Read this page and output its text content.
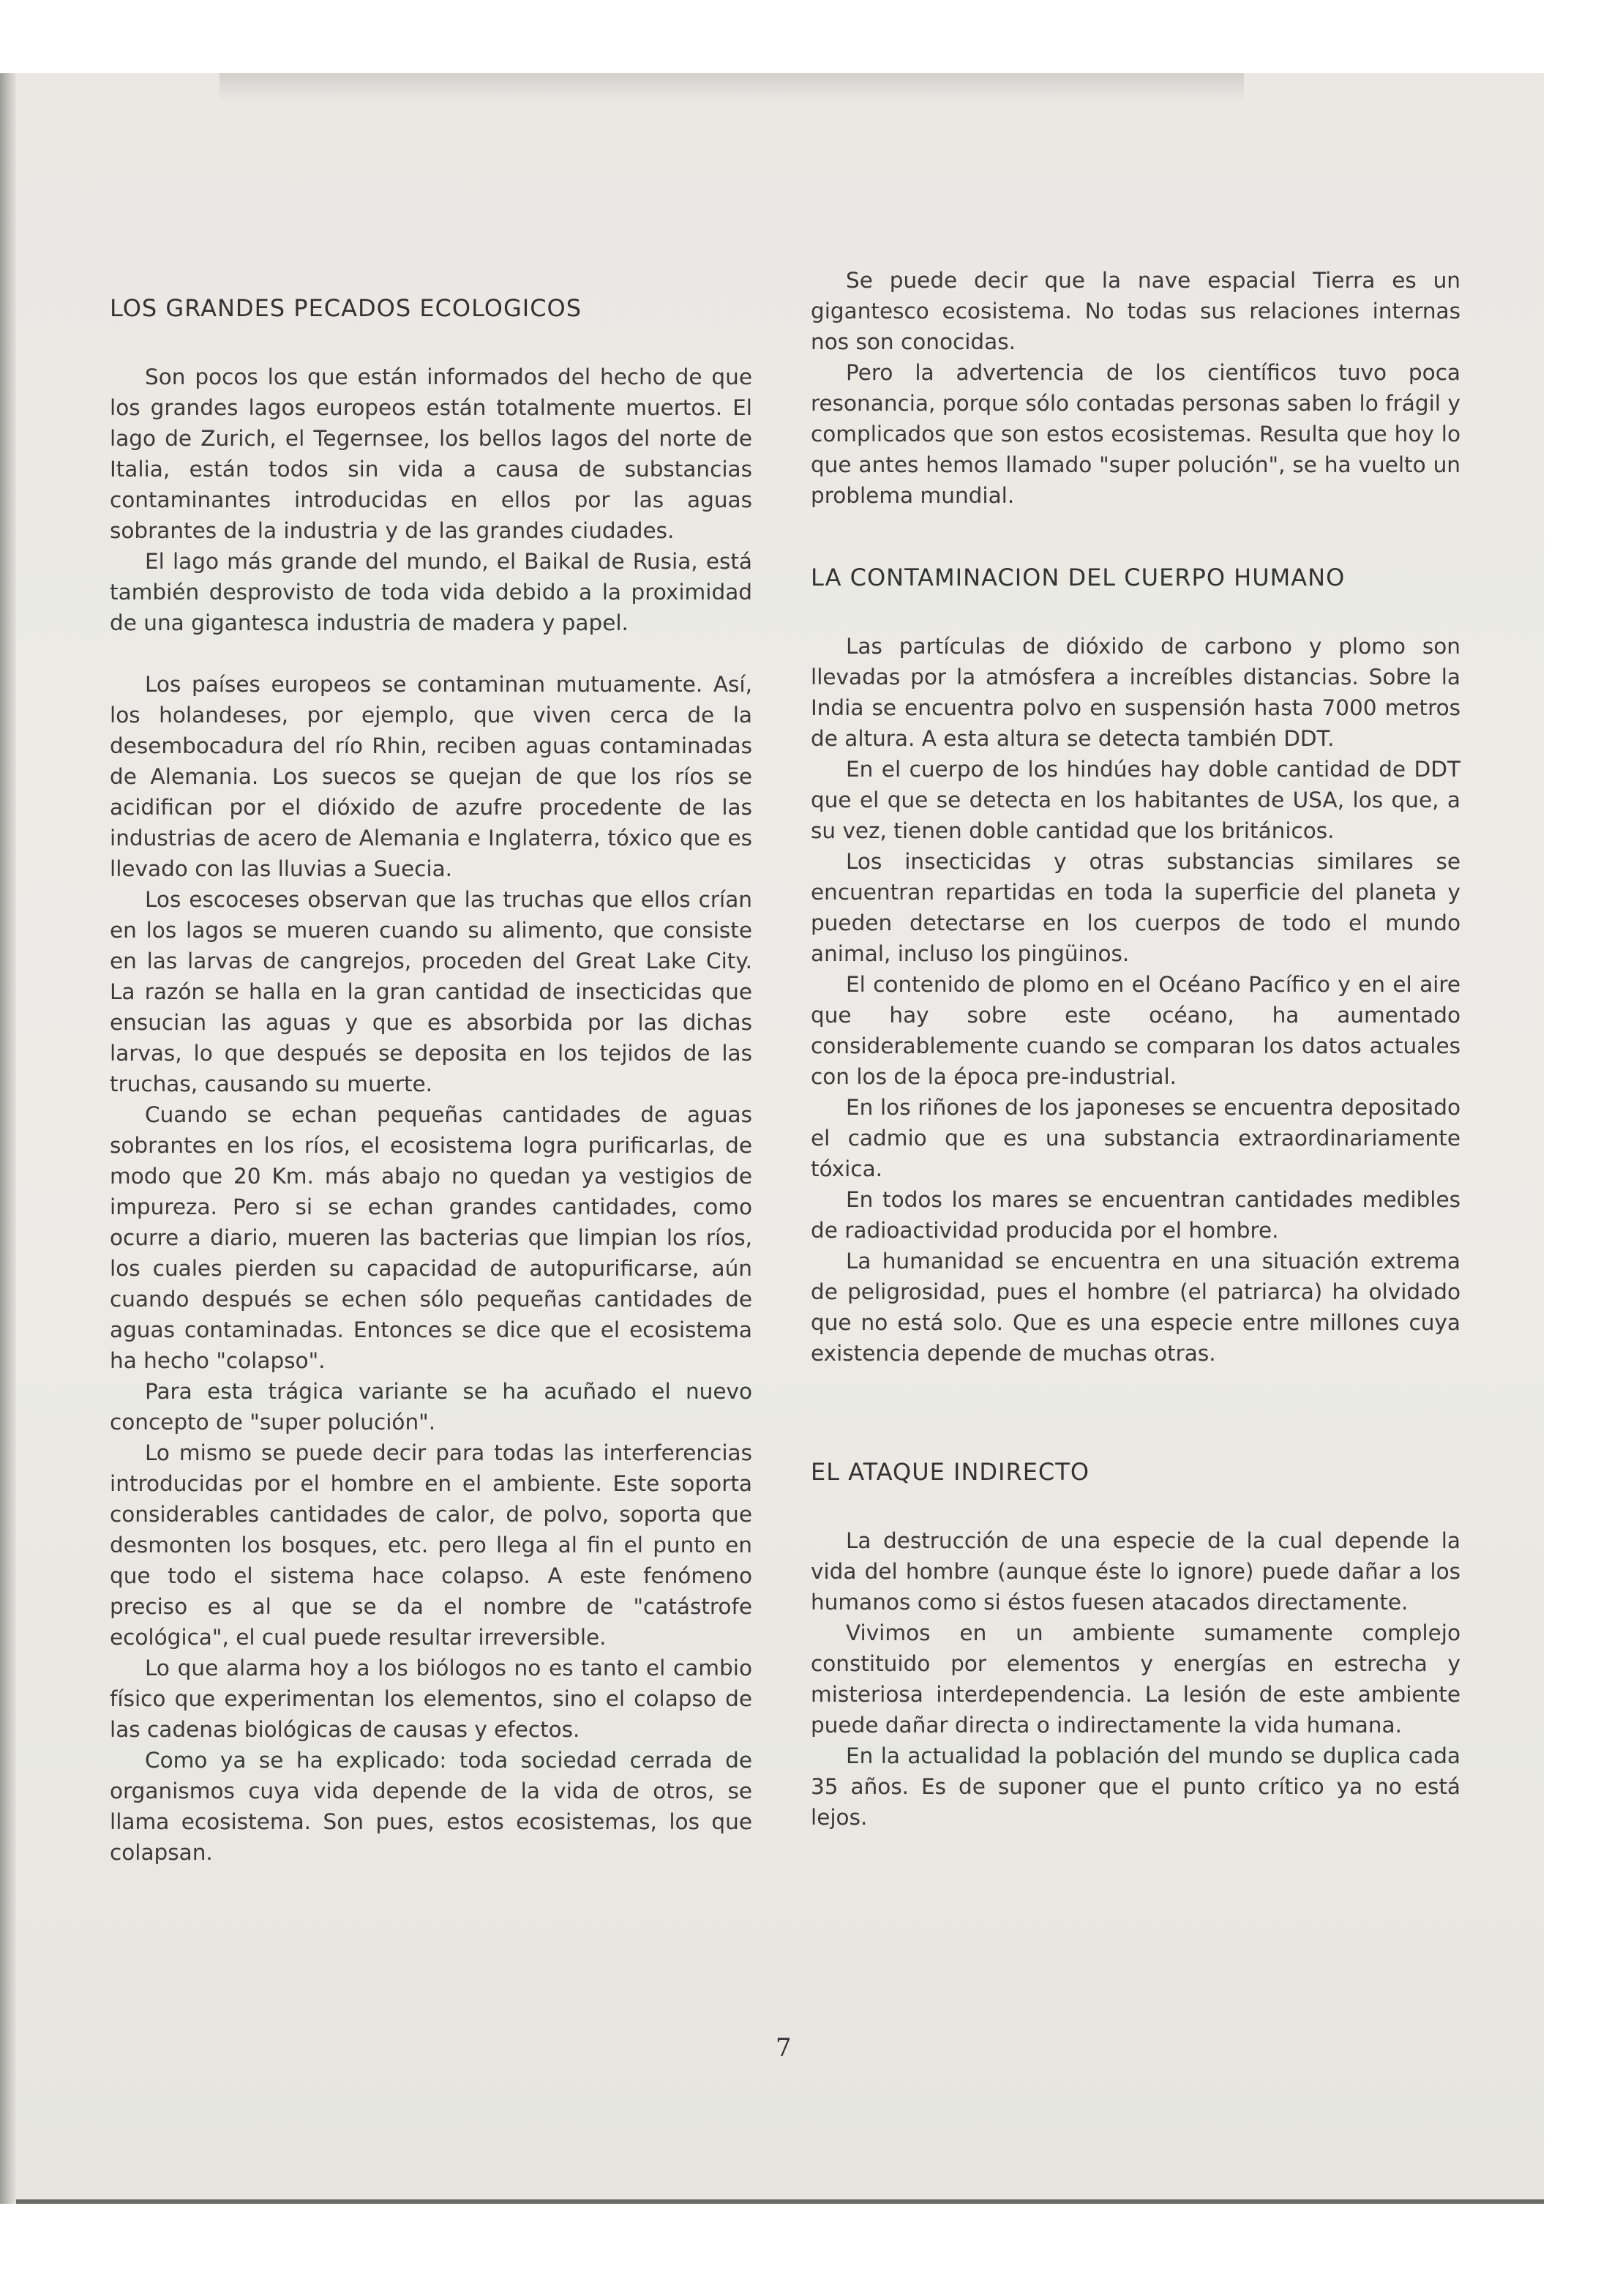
LOS GRANDES PECADOS ECOLOGICOS

Son pocos los que están informados del hecho de que los grandes lagos europeos están totalmente muertos. El lago de Zurich, el Tegernsee, los bellos lagos del norte de Italia, están todos sin vida a causa de substancias contaminantes introducidas en ellos por las aguas sobrantes de la industria y de las grandes ciudades.

El lago más grande del mundo, el Baikal de Rusia, está también desprovisto de toda vida debido a la proximidad de una gigantesca industria de madera y papel.

Los países europeos se contaminan mutuamente. Así, los holandeses, por ejemplo, que viven cerca de la desembocadura del río Rhin, reciben aguas contaminadas de Alemania. Los suecos se quejan de que los ríos se acidifican por el dióxido de azufre procedente de las industrias de acero de Alemania e Inglaterra, tóxico que es llevado con las lluvias a Suecia.

Los escoceses observan que las truchas que ellos crían en los lagos se mueren cuando su alimento, que consiste en las larvas de cangrejos, proceden del Great Lake City. La razón se halla en la gran cantidad de insecticidas que ensucian las aguas y que es absorbida por las dichas larvas, lo que después se deposita en los tejidos de las truchas, causando su muerte.

Cuando se echan pequeñas cantidades de aguas sobrantes en los ríos, el ecosistema logra purificarlas, de modo que 20 Km. más abajo no quedan ya vestigios de impureza. Pero si se echan grandes cantidades, como ocurre a diario, mueren las bacterias que limpian los ríos, los cuales pierden su capacidad de autopurificarse, aún cuando después se echen sólo pequeñas cantidades de aguas contaminadas. Entonces se dice que el ecosistema ha hecho "colapso".

Para esta trágica variante se ha acuñado el nuevo concepto de "super polución".

Lo mismo se puede decir para todas las interferencias introducidas por el hombre en el ambiente. Este soporta considerables cantidades de calor, de polvo, soporta que desmonten los bosques, etc. pero llega al fin el punto en que todo el sistema hace colapso. A este fenómeno preciso es al que se da el nombre de "catástrofe ecológica", el cual puede resultar irreversible.

Lo que alarma hoy a los biólogos no es tanto el cambio físico que experimentan los elementos, sino el colapso de las cadenas biológicas de causas y efectos.

Como ya se ha explicado: toda sociedad cerrada de organismos cuya vida depende de la vida de otros, se llama ecosistema. Son pues, estos ecosistemas, los que colapsan.

Se puede decir que la nave espacial Tierra es un gigantesco ecosistema. No todas sus relaciones internas nos son conocidas.

Pero la advertencia de los científicos tuvo poca resonancia, porque sólo contadas personas saben lo frágil y complicados que son estos ecosistemas. Resulta que hoy lo que antes hemos llamado "super polución", se ha vuelto un problema mundial.

LA CONTAMINACION DEL CUERPO HUMANO

Las partículas de dióxido de carbono y plomo son llevadas por la atmósfera a increíbles distancias. Sobre la India se encuentra polvo en suspensión hasta 7000 metros de altura. A esta altura se detecta también DDT.

En el cuerpo de los hindúes hay doble cantidad de DDT que el que se detecta en los habitantes de USA, los que, a su vez, tienen doble cantidad que los británicos.

Los insecticidas y otras substancias similares se encuentran repartidas en toda la superficie del planeta y pueden detectarse en los cuerpos de todo el mundo animal, incluso los pingüinos.

El contenido de plomo en el Océano Pacífico y en el aire que hay sobre este océano, ha aumentado considerablemente cuando se comparan los datos actuales con los de la época pre-industrial.

En los riñones de los japoneses se encuentra depositado el cadmio que es una substancia extraordinariamente tóxica.

En todos los mares se encuentran cantidades medibles de radioactividad producida por el hombre.

La humanidad se encuentra en una situación extrema de peligrosidad, pues el hombre (el patriarca) ha olvidado que no está solo. Que es una especie entre millones cuya existencia depende de muchas otras.

EL ATAQUE INDIRECTO

La destrucción de una especie de la cual depende la vida del hombre (aunque éste lo ignore) puede dañar a los humanos como si éstos fuesen atacados directamente.

Vivimos en un ambiente sumamente complejo constituido por elementos y energías en estrecha y misteriosa interdependencia. La lesión de este ambiente puede dañar directa o indirectamente la vida humana.

En la actualidad la población del mundo se duplica cada 35 años. Es de suponer que el punto crítico ya no está lejos.

7
